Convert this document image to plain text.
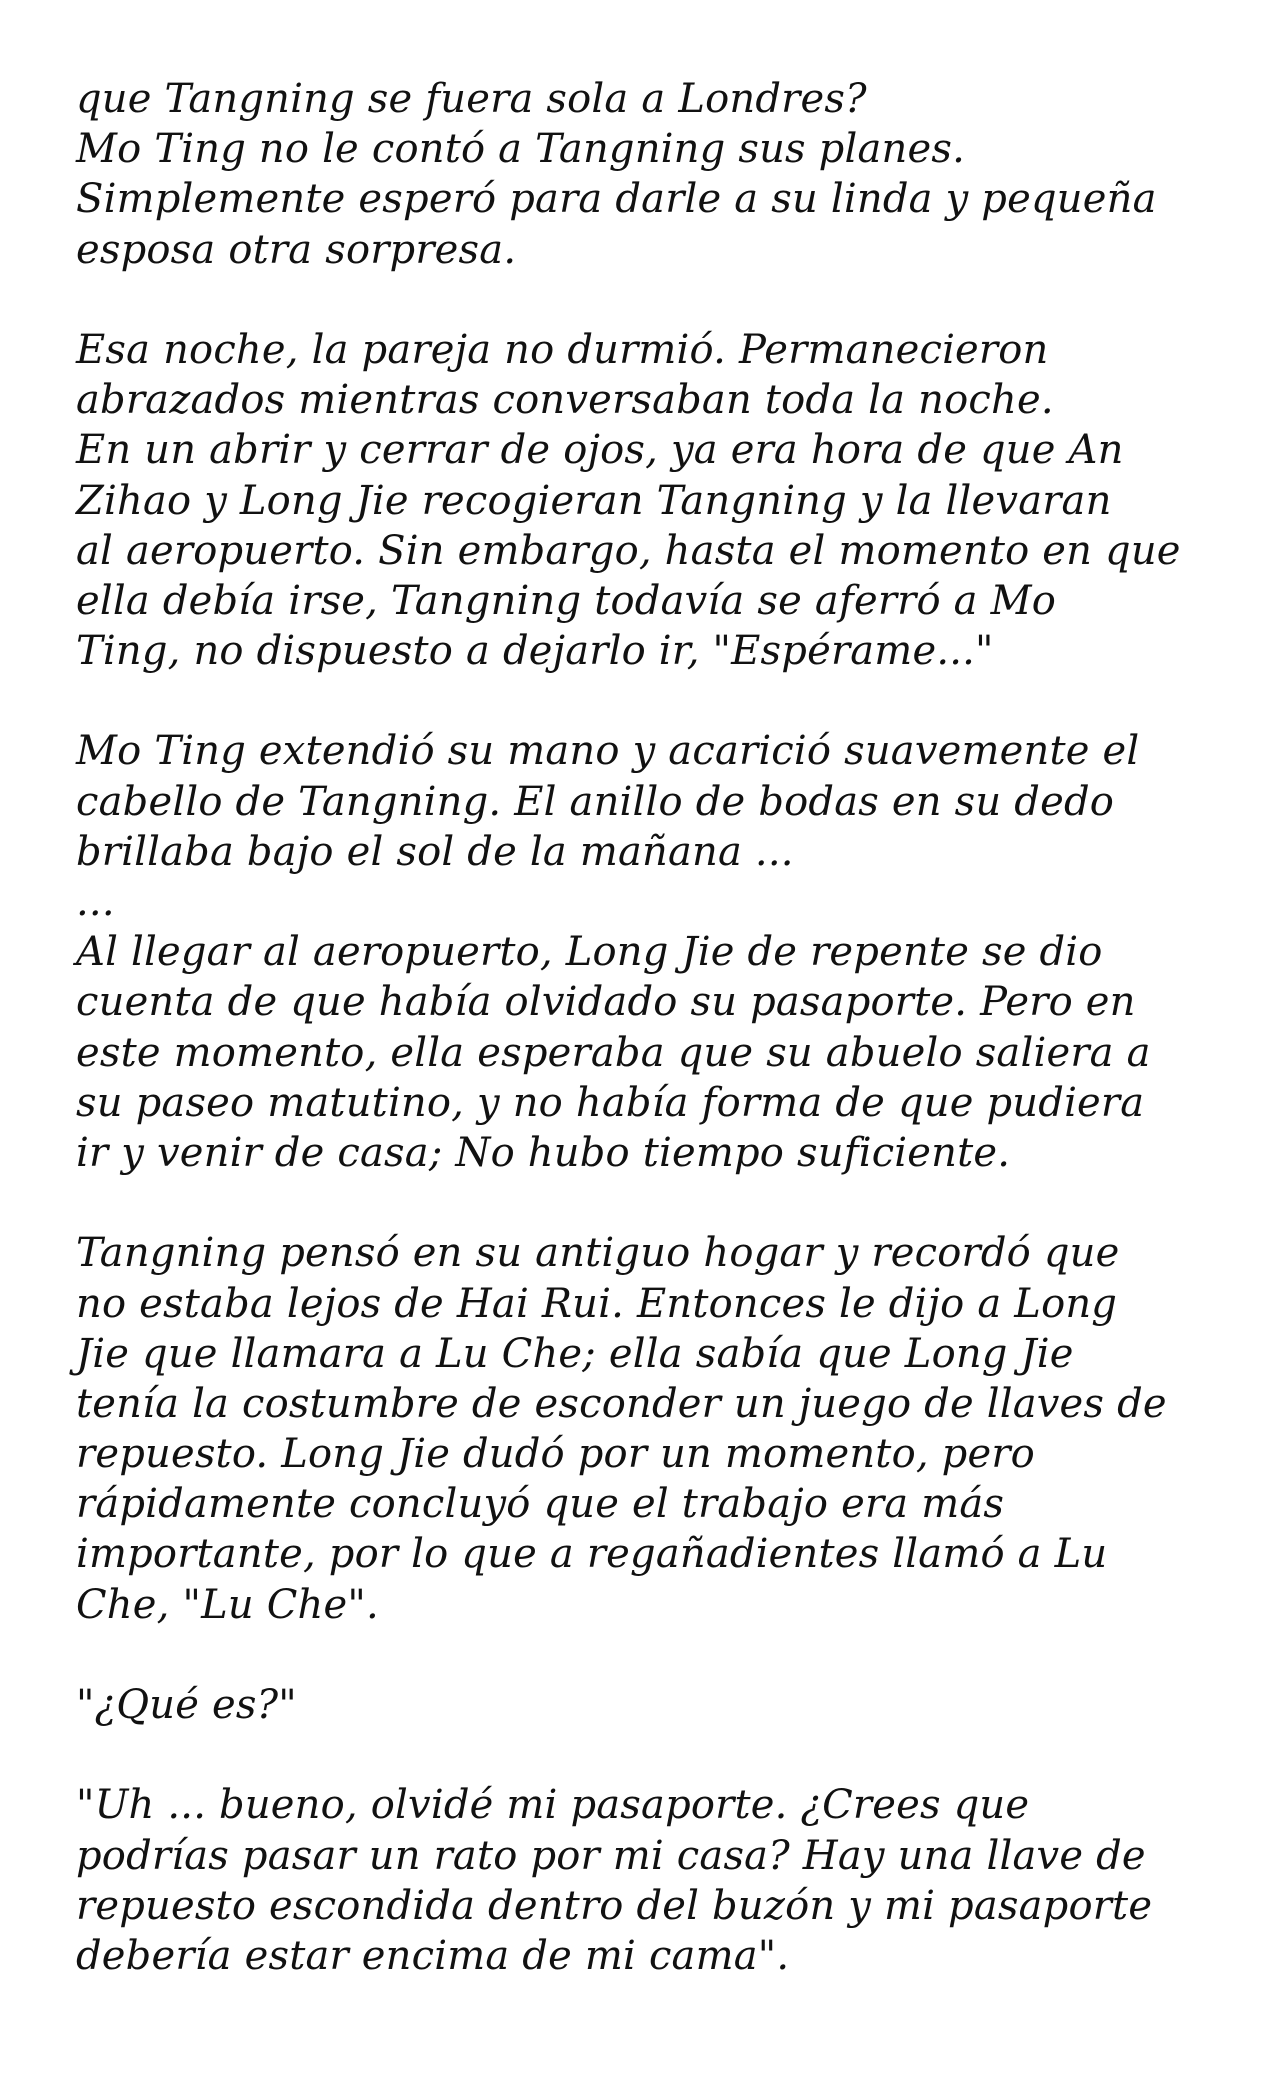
que Tangning se fuera sola a Londres?
Mo Ting no le contó a Tangning sus planes.
Simplemente esperó para darle a su linda y pequeña
esposa otra sorpresa.
Esa noche, la pareja no durmió. Permanecieron
abrazados mientras conversaban toda la noche.
En un abrir y cerrar de ojos, ya era hora de que An
Zihao y Long Jie recogieran Tangning y la llevaran
al aeropuerto. Sin embargo, hasta el momento en que
ella debía irse, Tangning todavía se aferró a Mo
Ting, no dispuesto a dejarlo ir, "Espérame..."
Mo Ting extendió su mano y acarició suavemente el
cabello de Tangning. El anillo de bodas en su dedo
brillaba bajo el sol de la mañana ...
...
Al llegar al aeropuerto, Long Jie de repente se dio
cuenta de que había olvidado su pasaporte. Pero en
este momento, ella esperaba que su abuelo saliera a
su paseo matutino, y no había forma de que pudiera
ir y venir de casa; No hubo tiempo suficiente.
Tangning pensó en su antiguo hogar y recordó que
no estaba lejos de Hai Rui. Entonces le dijo a Long
Jie que llamara a Lu Che; ella sabía que Long Jie
tenía la costumbre de esconder un juego de llaves de
repuesto. Long Jie dudó por un momento, pero
rápidamente concluyó que el trabajo era más
importante, por lo que a regañadientes llamó a Lu
Che, "Lu Che".
"¿Qué es?"
"Uh ... bueno, olvidé mi pasaporte. ¿Crees que
podrías pasar un rato por mi casa? Hay una llave de
repuesto escondida dentro del buzón y mi pasaporte
debería estar encima de mi cama".
